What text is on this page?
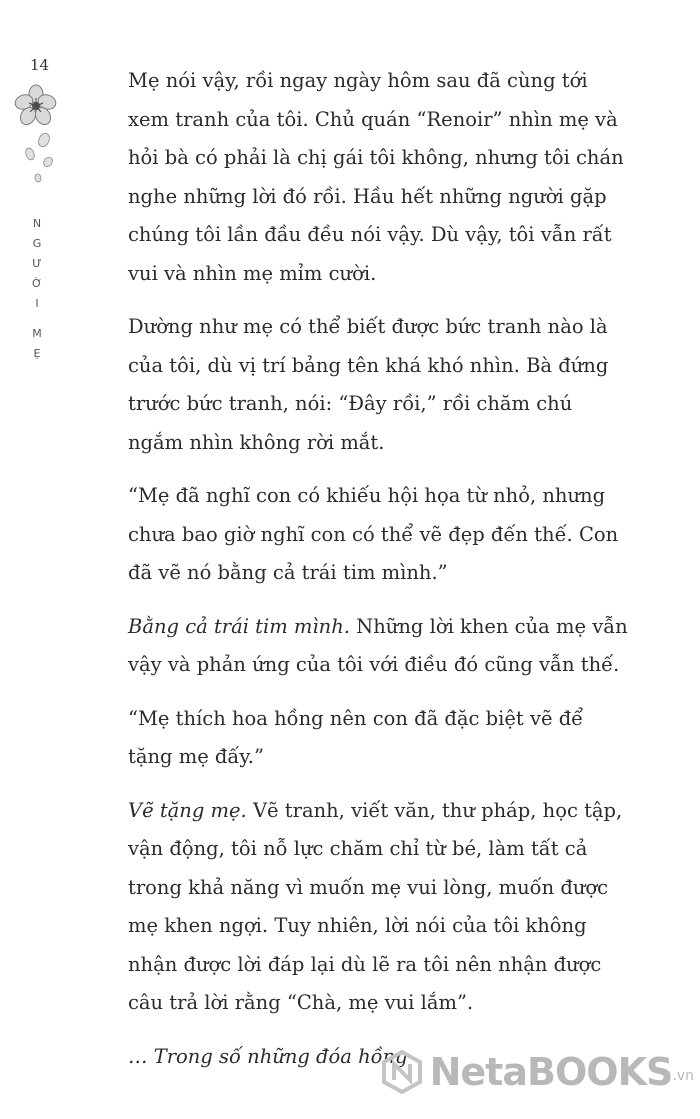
14
N
G
Ư
Ờ
I
M
Ẹ

Mẹ nói vậy, rồi ngay ngày hôm sau đã cùng tới xem tranh của tôi. Chủ quán “Renoir” nhìn mẹ và hỏi bà có phải là chị gái tôi không, nhưng tôi chán nghe những lời đó rồi. Hầu hết những người gặp chúng tôi lần đầu đều nói vậy. Dù vậy, tôi vẫn rất vui và nhìn mẹ mỉm cười.

Dường như mẹ có thể biết được bức tranh nào là của tôi, dù vị trí bảng tên khá khó nhìn. Bà đứng trước bức tranh, nói: “Đây rồi,” rồi chăm chú ngắm nhìn không rời mắt.

“Mẹ đã nghĩ con có khiếu hội họa từ nhỏ, nhưng chưa bao giờ nghĩ con có thể vẽ đẹp đến thế. Con đã vẽ nó bằng cả trái tim mình.”

Bằng cả trái tim mình. Những lời khen của mẹ vẫn vậy và phản ứng của tôi với điều đó cũng vẫn thế.

“Mẹ thích hoa hồng nên con đã đặc biệt vẽ để tặng mẹ đấy.”

Vẽ tặng mẹ. Vẽ tranh, viết văn, thư pháp, học tập, vận động, tôi nỗ lực chăm chỉ từ bé, làm tất cả trong khả năng vì muốn mẹ vui lòng, muốn được mẹ khen ngợi. Tuy nhiên, lời nói của tôi không nhận được lời đáp lại dù lẽ ra tôi nên nhận được câu trả lời rằng “Chà, mẹ vui lắm”.

… Trong số những đóa hồng NetaBOOKS .vn
